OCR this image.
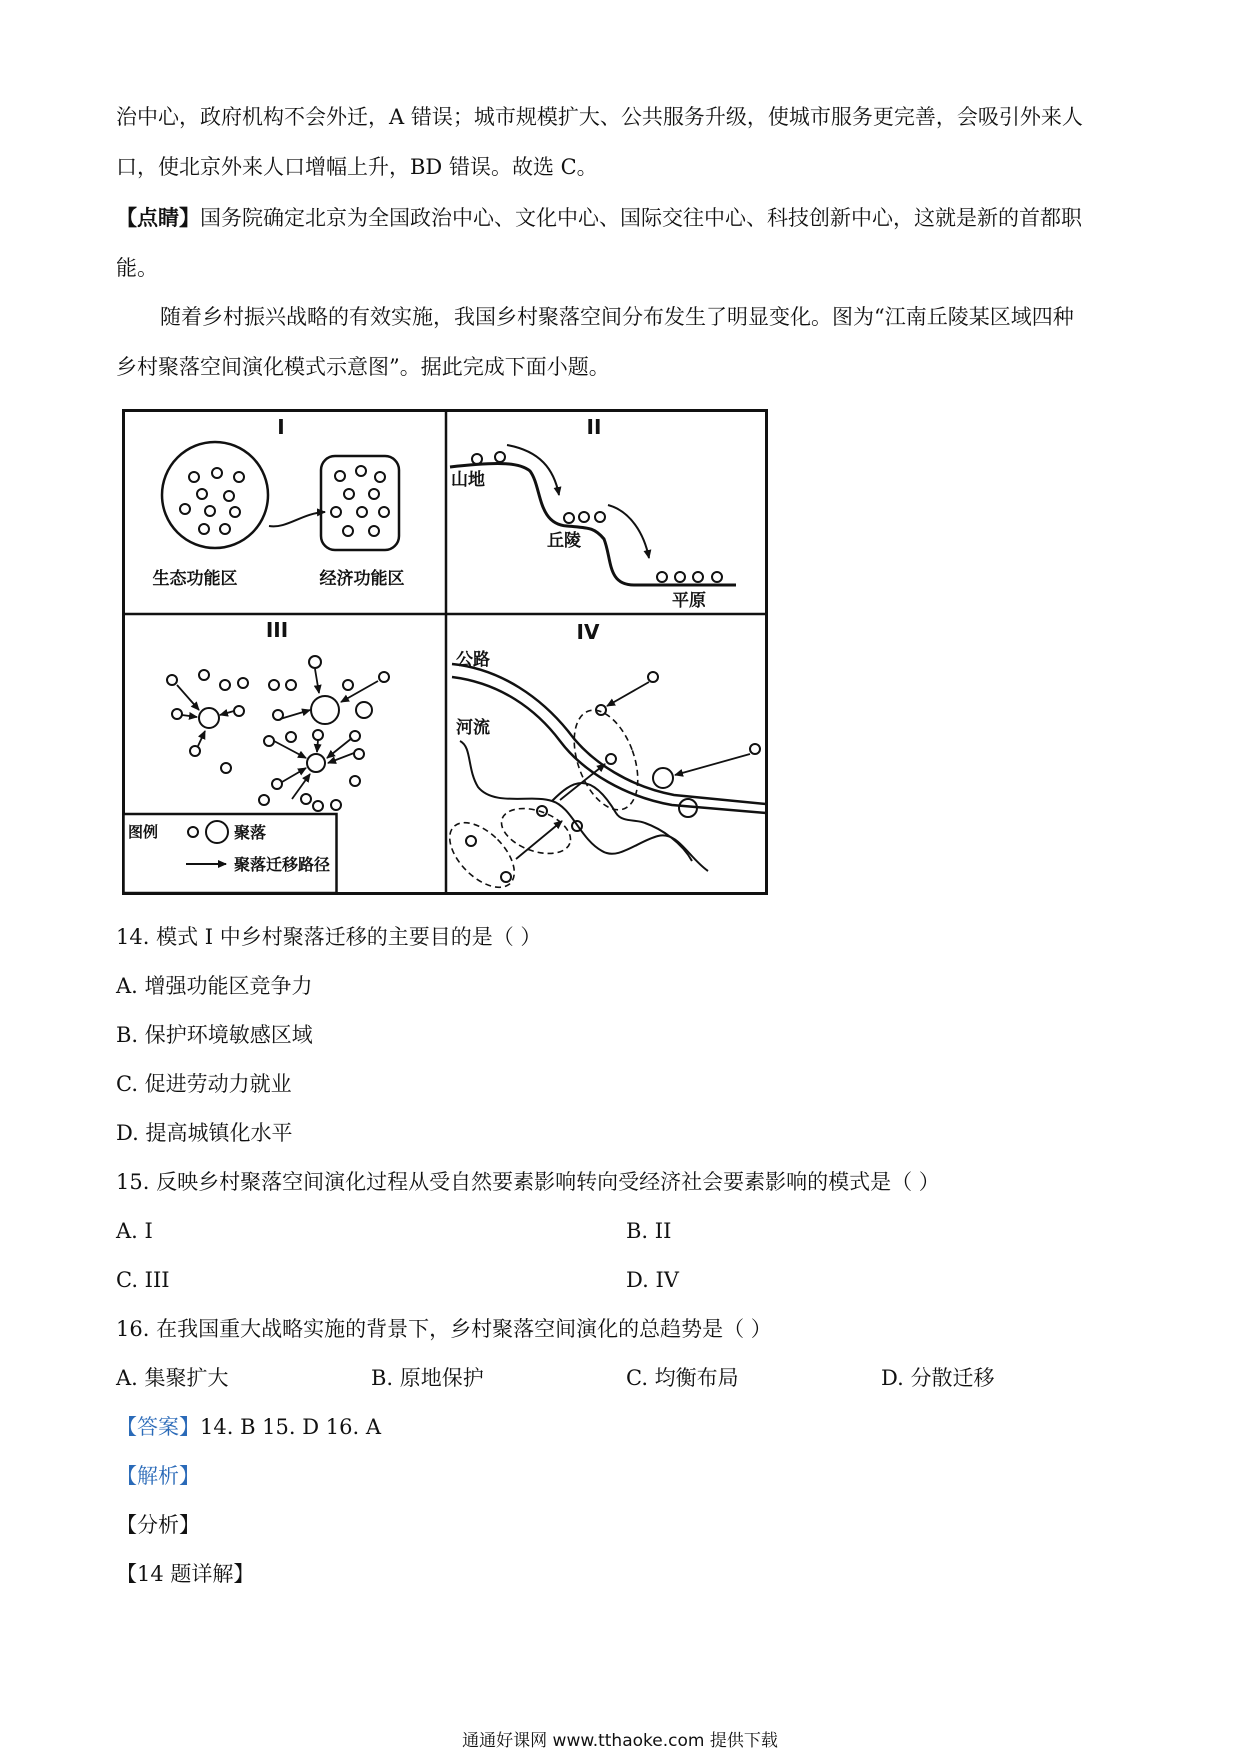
治中心，政府机构不会外迁，A 错误；城市规模扩大、公共服务升级，使城市服务更完善，会吸引外来人
口，使北京外来人口增幅上升，BD 错误。故选 C。
【点睛】国务院确定北京为全国政治中心、文化中心、国际交往中心、科技创新中心，这就是新的首都职
能。
随着乡村振兴战略的有效实施，我国乡村聚落空间分布发生了明显变化。图为“江南丘陵某区域四种
乡村聚落空间演化模式示意图”。据此完成下面小题。
I
生态功能区	经济功能区
II
山地
丘陵
平原
III
图例	聚落
聚落迁移路径
IV
公路
河流
14. 模式 I 中乡村聚落迁移的主要目的是（ ）
A. 增强功能区竞争力
B. 保护环境敏感区域
C. 促进劳动力就业
D. 提高城镇化水平
15. 反映乡村聚落空间演化过程从受自然要素影响转向受经济社会要素影响的模式是（ ）
A. I	B. II
C. III	D. IV
16. 在我国重大战略实施的背景下，乡村聚落空间演化的总趋势是（ ）
A. 集聚扩大	B. 原地保护	C. 均衡布局	D. 分散迁移
【答案】14. B 15. D 16. A
【解析】
【分析】
【14 题详解】
通通好课网 www.tthaoke.com 提供下载
